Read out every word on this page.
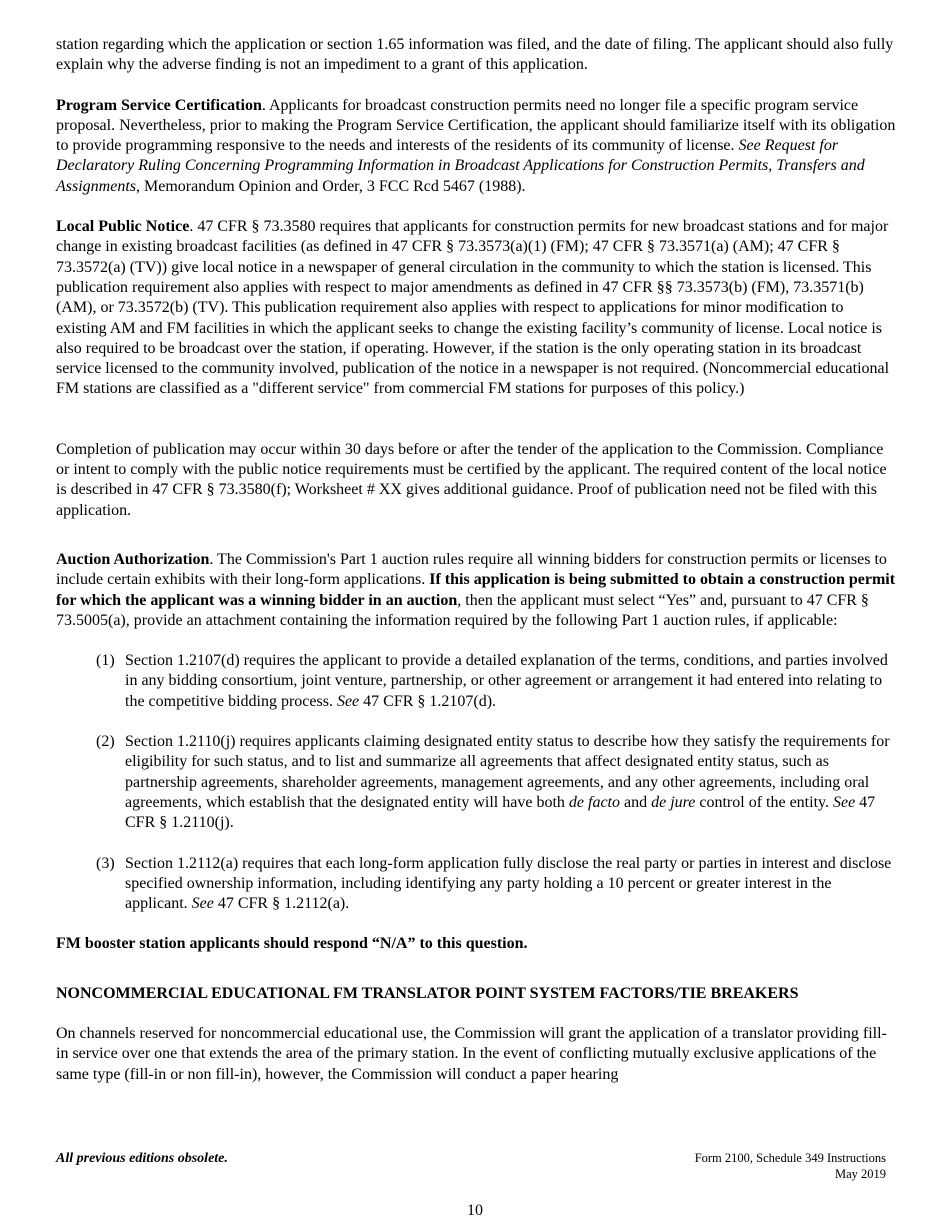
station regarding which the application or section 1.65 information was filed, and the date of filing. The applicant should also fully explain why the adverse finding is not an impediment to a grant of this application.

Program Service Certification. Applicants for broadcast construction permits need no longer file a specific program service proposal. Nevertheless, prior to making the Program Service Certification, the applicant should familiarize itself with its obligation to provide programming responsive to the needs and interests of the residents of its community of license. See Request for Declaratory Ruling Concerning Programming Information in Broadcast Applications for Construction Permits, Transfers and Assignments, Memorandum Opinion and Order, 3 FCC Rcd 5467 (1988).

Local Public Notice. 47 CFR § 73.3580 requires that applicants for construction permits for new broadcast stations and for major change in existing broadcast facilities (as defined in 47 CFR § 73.3573(a)(1) (FM); 47 CFR § 73.3571(a) (AM); 47 CFR § 73.3572(a) (TV)) give local notice in a newspaper of general circulation in the community to which the station is licensed. This publication requirement also applies with respect to major amendments as defined in 47 CFR §§ 73.3573(b) (FM), 73.3571(b) (AM), or 73.3572(b) (TV). This publication requirement also applies with respect to applications for minor modification to existing AM and FM facilities in which the applicant seeks to change the existing facility’s community of license. Local notice is also required to be broadcast over the station, if operating. However, if the station is the only operating station in its broadcast service licensed to the community involved, publication of the notice in a newspaper is not required. (Noncommercial educational FM stations are classified as a "different service" from commercial FM stations for purposes of this policy.)

Completion of publication may occur within 30 days before or after the tender of the application to the Commission. Compliance or intent to comply with the public notice requirements must be certified by the applicant. The required content of the local notice is described in 47 CFR § 73.3580(f); Worksheet # XX gives additional guidance. Proof of publication need not be filed with this application.

Auction Authorization. The Commission's Part 1 auction rules require all winning bidders for construction permits or licenses to include certain exhibits with their long-form applications. If this application is being submitted to obtain a construction permit for which the applicant was a winning bidder in an auction, then the applicant must select “Yes” and, pursuant to 47 CFR § 73.5005(a), provide an attachment containing the information required by the following Part 1 auction rules, if applicable:

(1) Section 1.2107(d) requires the applicant to provide a detailed explanation of the terms, conditions, and parties involved in any bidding consortium, joint venture, partnership, or other agreement or arrangement it had entered into relating to the competitive bidding process. See 47 CFR § 1.2107(d).
(2) Section 1.2110(j) requires applicants claiming designated entity status to describe how they satisfy the requirements for eligibility for such status, and to list and summarize all agreements that affect designated entity status, such as partnership agreements, shareholder agreements, management agreements, and any other agreements, including oral agreements, which establish that the designated entity will have both de facto and de jure control of the entity. See 47 CFR § 1.2110(j).
(3) Section 1.2112(a) requires that each long-form application fully disclose the real party or parties in interest and disclose specified ownership information, including identifying any party holding a 10 percent or greater interest in the applicant. See 47 CFR § 1.2112(a).

FM booster station applicants should respond “N/A” to this question.

NONCOMMERCIAL EDUCATIONAL FM TRANSLATOR POINT SYSTEM FACTORS/TIE BREAKERS

On channels reserved for noncommercial educational use, the Commission will grant the application of a translator providing fill-in service over one that extends the area of the primary station. In the event of conflicting mutually exclusive applications of the same type (fill-in or non fill-in), however, the Commission will conduct a paper hearing

All previous editions obsolete.	Form 2100, Schedule 349 Instructions
May 2019
10
